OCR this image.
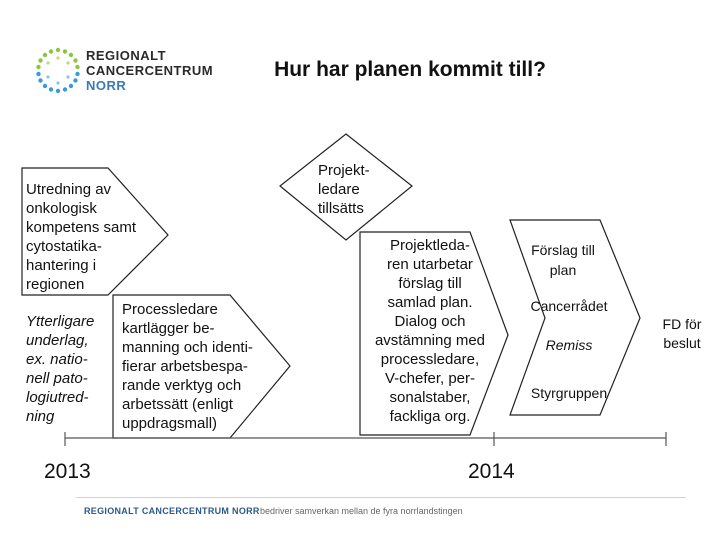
REGIONALT
CANCERCENTRUM
NORR
Hur har planen kommit till?
Utredning av
onkologisk
kompetens samt
cytostatika-
hantering i
regionen
Ytterligare
underlag,
ex. natio-
nell pato-
logiutred-
ning
Processledare
kartlägger be-
manning och identi-
fierar arbetsbespa-
rande verktyg och
arbetssätt (enligt
uppdragsmall)
Projekt-
ledare
tillsätts
Projektleda-
ren utarbetar
förslag till
samlad plan.
Dialog och
avstämning med
processledare,
V-chefer, per-
sonalstaber,
fackliga org.
Förslag till
plan
Cancerrådet
Remiss
Styrgruppen
FD för
beslut
2013	2014
REGIONALT CANCERCENTRUM NORR bedriver samverkan mellan de fyra norrlandstingen
